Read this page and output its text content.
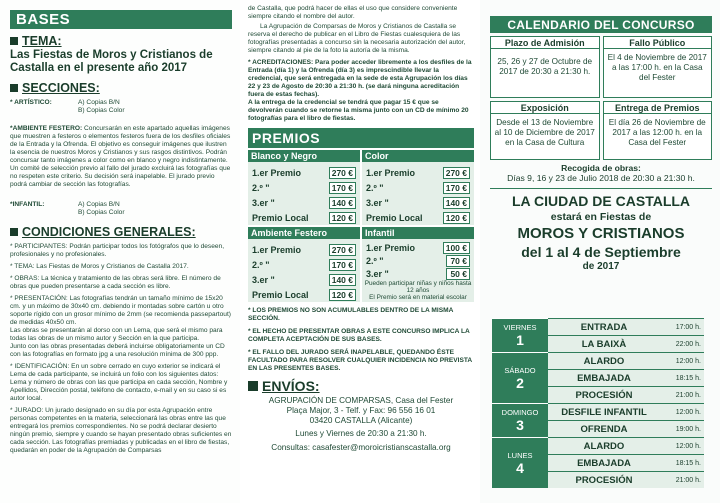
BASES
TEMA:
Las Fiestas de Moros y Cristianos de Castalla en el presente año 2017
SECCIONES:
* ARTÍSTICO:	A) Copias B/N
B) Copias Color
*AMBIENTE FESTERO: Concursarán en este apartado aquellas imágenes que muestren a festeros o elementos festeros fuera de los desfiles oficiales de la Entrada y la Ofrenda. El objetivo es conseguir imágenes que ilustren la esencia de nuestros Moros y Cristianos y sus rasgos distintivos. Podrán concursar tanto imágenes a color como en blanco y negro indistintamente. Un comité de selección previo al fallo del jurado excluirá las fotografías que no respeten este criterio. Su decisión será inapelable. El jurado previo podrá cambiar de sección las fotografías.
*INFANTIL:	A) Copias B/N
B) Copias Color
CONDICIONES GENERALES:
* PARTICIPANTES: Podrán participar todos los fotógrafos que lo deseen, profesionales y no profesionales.
* TEMA: Las Fiestas de Moros y Cristianos de Castalla 2017.
* OBRAS: La técnica y tratamiento de las obras será libre. El número de obras que pueden presentarse a cada sección es libre.
* PRESENTACIÓN: Las fotografías tendrán un tamaño mínimo de 15x20 cm. y un máximo de 30x40 cm. debiendo ir montadas sobre cartón u otro soporte rígido con un grosor mínimo de 2mm (se recomienda passepartout) de medidas 40x50 cm.
Las obras se presentarán al dorso con un Lema, que será el mismo para todas las obras de un mismo autor y Sección en la que participa.
Junto con las obras presentadas deberá incluirse obligatoriamente un CD con las fotografías en formato jpg a una resolución mínima de 300 ppp.
* IDENTIFICACIÓN: En un sobre cerrado en cuyo exterior se indicará el Lema de cada participante, se incluirá un folio con los siguientes datos: Lema y número de obras con las que participa en cada sección, Nombre y Apellidos, Dirección postal, teléfono de contacto, e-mail y en su caso si es autor local.
* JURADO: Un jurado designado en su día por esta Agrupación entre personas competentes en la materia, seleccionará las obras entre las que entregará los premios correspondientes. No se podrá declarar desierto ningún premio, siempre y cuando se hayan presentado obras suficientes en cada sección. Las fotografías premiadas y publicadas en el libro de fiestas, quedarán en poder de la Agrupación de Comparsas
de Castalla, que podrá hacer de ellas el uso que considere conveniente siempre citando el nombre del autor.
La Agrupación de Comparsas de Moros y Cristianos de Castalla se reserva el derecho de publicar en el Libro de Fiestas cualesquiera de las fotografías presentadas a concurso sin la necesaria autorización del autor, siempre citando al pie de la foto la autoría de la misma.
* ACREDITACIONES: Para poder acceder libremente a los desfiles de la Entrada (día 1) y la Ofrenda (día 3) es imprescindible llevar la credencial, que será entregada en la sede de esta Agrupación los días 22 y 23 de Agosto de 20:30 a 21:30 h. (se dará ninguna acreditación fuera de estas fechas).
A la entrega de la credencial se tendrá que pagar 15 € que se devolverán cuando se retorne la misma junto con un CD de mínimo 20 fotografías para el libro de fiestas.
PREMIOS
Blanco y Negro
1.er Premio	270 €
2.º "	170 €
3.er "	140 €
Premio Local	120 €
Color
1.er Premio	270 €
2.º "	170 €
3.er "	140 €
Premio Local	120 €
Ambiente Festero
1.er Premio	270 €
2.º "	170 €
3.er "	140 €
Premio Local	120 €
Infantil
1.er Premio	100 €
2.º "	70 €
3.er "	50 €
Pueden participar niñas y niños hasta 12 años
El Premio será en material escolar
* LOS PREMIOS NO SON ACUMULABLES DENTRO DE LA MISMA SECCIÓN.
* EL HECHO DE PRESENTAR OBRAS A ESTE CONCURSO IMPLICA LA COMPLETA ACEPTACIÓN DE SUS BASES.
* EL FALLO DEL JURADO SERÁ INAPELABLE, QUEDANDO ÉSTE FACULTADO PARA RESOLVER CUALQUIER INCIDENCIA NO PREVISTA EN LAS PRESENTES BASES.
ENVÍOS:
AGRUPACIÓN DE COMPARSAS, Casa del Fester
Plaça Major, 3 - Telf. y Fax: 96 556 16 01
03420 CASTALLA (Alicante)
Lunes y Viernes de 20:30 a 21:30 h.
Consultas: casafester@moroicristianscastalla.org
CALENDARIO DEL CONCURSO
Plazo de Admisión
25, 26 y 27 de Octubre de 2017 de 20:30 a 21:30 h.
Fallo Público
El 4 de Noviembre de 2017 a las 17:00 h. en la Casa del Fester
Exposición
Desde el 13 de Noviembre al 10 de Diciembre de 2017 en la Casa de Cultura
Entrega de Premios
El día 26 de Noviembre de 2017 a las 12:00 h. en la Casa del Fester
Recogida de obras:
Días 9, 16 y 23 de Julio 2018 de 20:30 a 21:30 h.
LA CIUDAD DE CASTALLA
estará en Fiestas de
MOROS Y CRISTIANOS
del 1 al 4 de Septiembre
de 2017
VIERNES
1
ENTRADA	17:00 h.
LA BAIXÀ	22:00 h.
SÁBADO
2
ALARDO	12:00 h.
EMBAJADA	18:15 h.
PROCESIÓN	21:00 h.
DOMINGO
3
DESFILE INFANTIL	12:00 h.
OFRENDA	19:00 h.
LUNES
4
ALARDO	12:00 h.
EMBAJADA	18:15 h.
PROCESIÓN	21:00 h.
